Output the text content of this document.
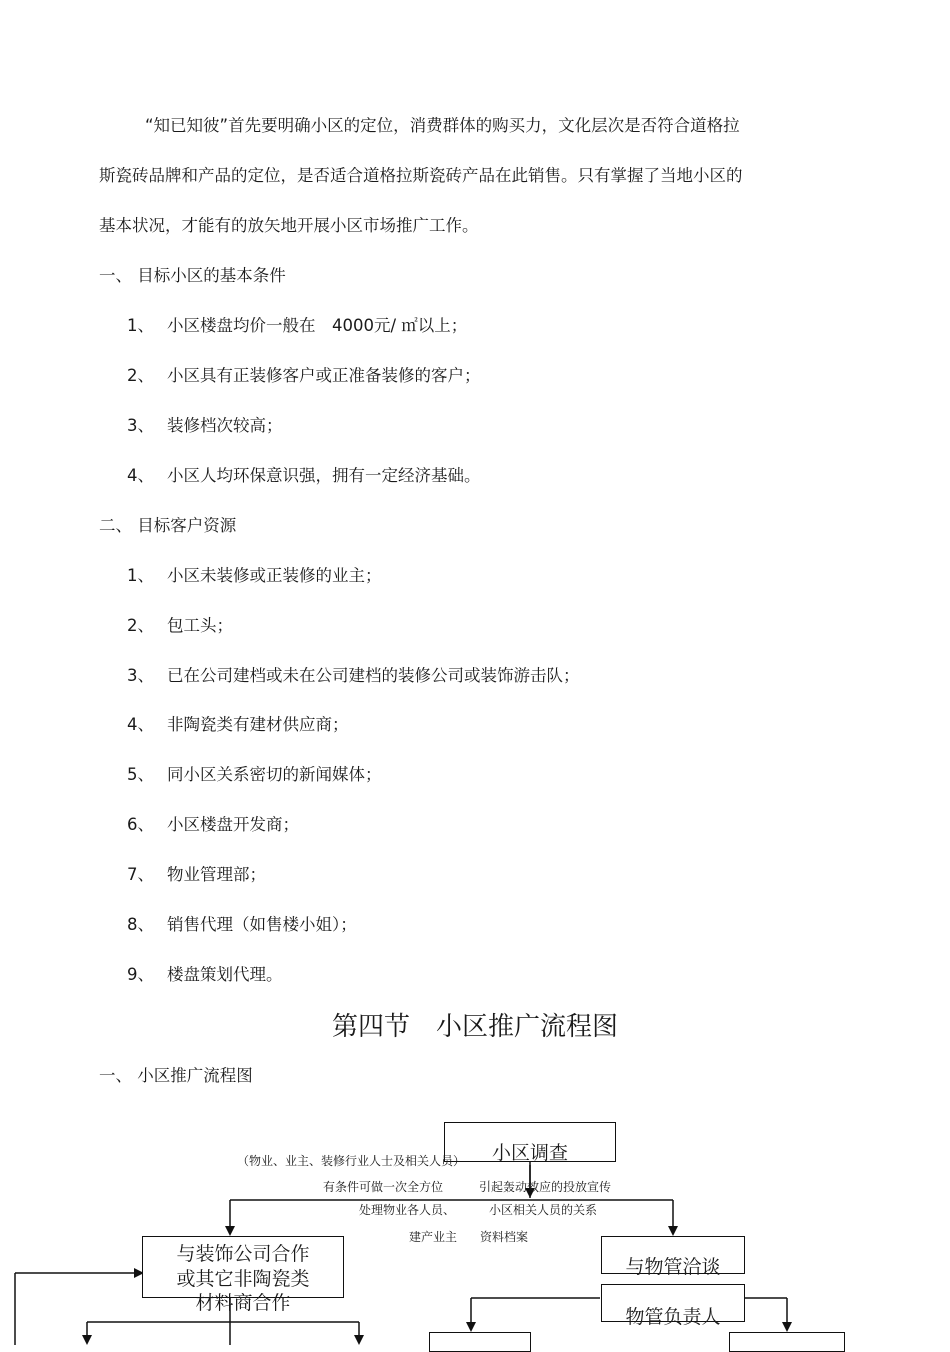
“知已知彼”首先要明确小区的定位，消费群体的购买力，文化层次是否符合道格拉
斯瓷砖品牌和产品的定位，是否适合道格拉斯瓷砖产品在此销售。只有掌握了当地小区的
基本状况，才能有的放矢地开展小区市场推广工作。
一、 目标小区的基本条件
1、 小区楼盘均价一般在　4000元/ ㎡以上；
2、 小区具有正装修客户或正准备装修的客户；
3、 装修档次较高；
4、 小区人均环保意识强，拥有一定经济基础。
二、 目标客户资源
1、 小区未装修或正装修的业主；
2、 包工头；
3、 已在公司建档或未在公司建档的装修公司或装饰游击队；
4、 非陶瓷类有建材供应商；
5、 同小区关系密切的新闻媒体；
6、 小区楼盘开发商；
7、 物业管理部；
8、 销售代理（如售楼小姐）；
9、 楼盘策划代理。
第四节　小区推广流程图
一、 小区推广流程图
小区调查
（物业、业主、装修行业人士及相关人员）
有条件可做一次全方位	引起轰动效应的投放宣传
处理物业各人员、	小区相关人员的关系
建产业主 资料档案
与装饰公司合作
或其它非陶瓷类
材料商合作
与物管洽谈
物管负责人
